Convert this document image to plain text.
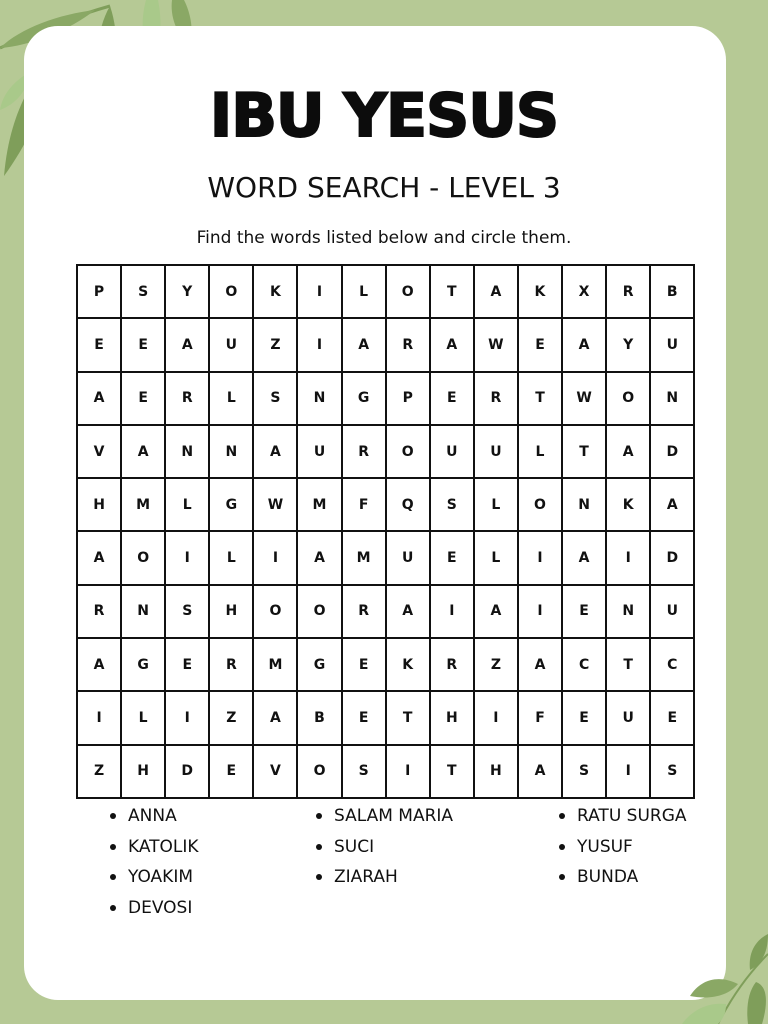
IBU YESUS
WORD SEARCH - LEVEL 3
Find the words listed below and circle them.
P	S	Y	O	K	I	L	O	T	A	K	X	R	B
E	E	A	U	Z	I	A	R	A	W	E	A	Y	U
A	E	R	L	S	N	G	P	E	R	T	W	O	N
V	A	N	N	A	U	R	O	U	U	L	T	A	D
H	M	L	G	W	M	F	Q	S	L	O	N	K	A
A	O	I	L	I	A	M	U	E	L	I	A	I	D
R	N	S	H	O	O	R	A	I	A	I	E	N	U
A	G	E	R	M	G	E	K	R	Z	A	C	T	C
I	L	I	Z	A	B	E	T	H	I	F	E	U	E
Z	H	D	E	V	O	S	I	T	H	A	S	I	S
ANNA
KATOLIK
YOAKIM
DEVOSI
SALAM MARIA
SUCI
ZIARAH
RATU SURGA
YUSUF
BUNDA
